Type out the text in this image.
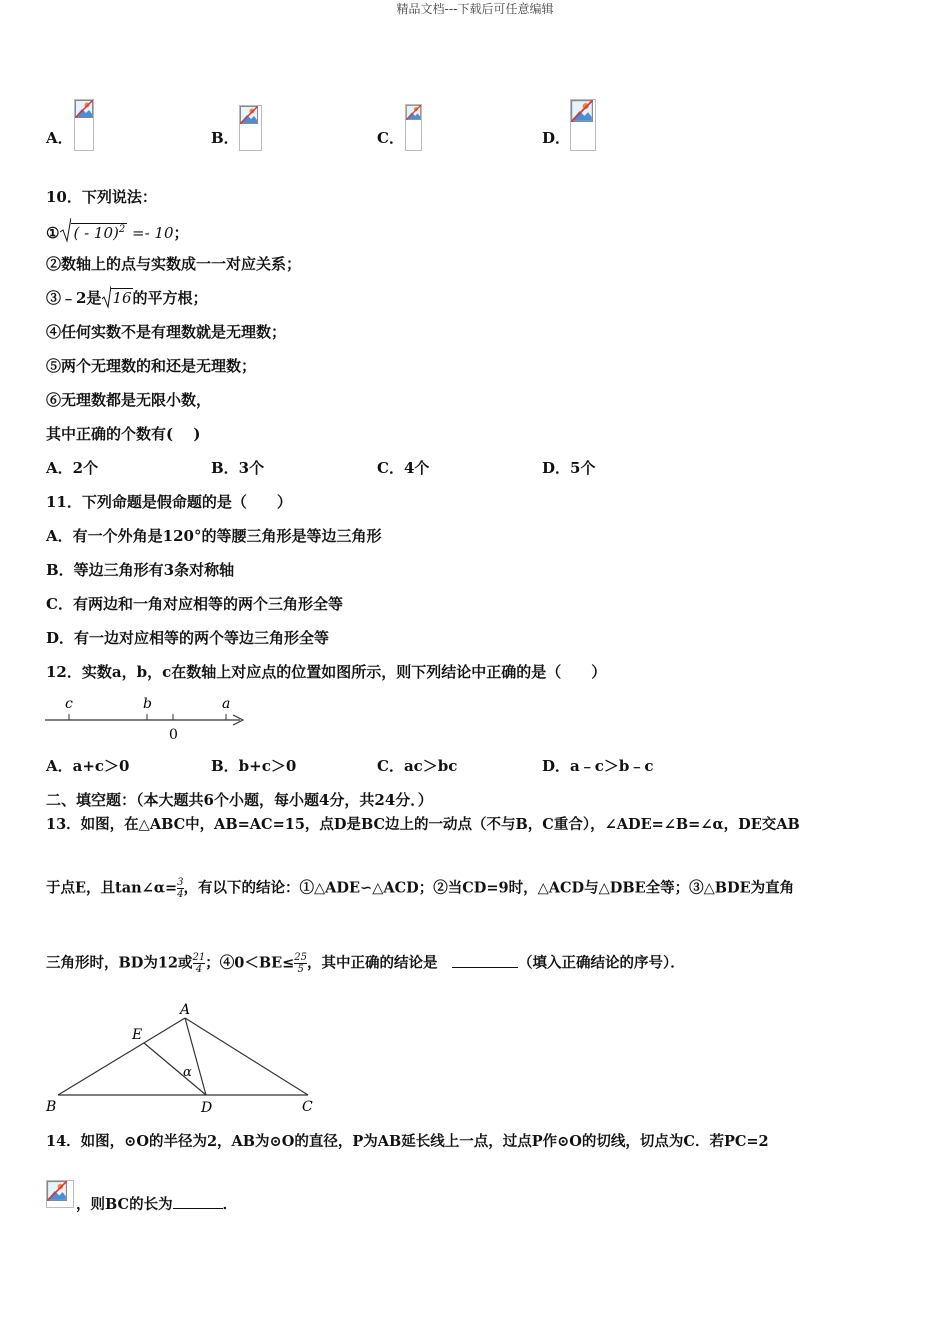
精品文档---下载后可任意编辑
A．	B．	C．	D．
10．下列说法：
① ( - 10)$^2$ =- 10；
②数轴上的点与实数成一一对应关系；
③﹣2是 16的平方根；
④任何实数不是有理数就是无理数；
⑤两个无理数的和还是无理数；
⑥无理数都是无限小数，
其中正确的个数有(　 )
A．2个	B．3个	C．4个	D．5个
11．下列命题是假命题的是（　　）
A．有一个外角是120°的等腰三角形是等边三角形
B．等边三角形有3条对称轴
C．有两边和一角对应相等的两个三角形全等
D．有一边对应相等的两个等边三角形全等
12．实数a，b，c在数轴上对应点的位置如图所示，则下列结论中正确的是（　　）
c	b
0
a
A．a+c＞0	B．b+c＞0	C．ac＞bc	D．a﹣c＞b﹣c
二、填空题：（本大题共6个小题，每小题4分，共24分．）
13．如图，在△ABC中，AB=AC=15，点D是BC边上的一动点（不与B，C重合），∠ADE=∠B=∠α，DE交AB
于点E，且tan∠α= $\frac{3}{4}$ ，有以下的结论：①△ADE∽△ACD；②当CD=9时，△ACD与△DBE全等；③△BDE为直角
三角形时，BD为12或 $\frac{21}{4}$ ；④0＜BE≤ $\frac{25}{5}$ ，其中正确的结论是　	（填入正确结论的序号）．
A
B	C
D
E
α
14．如图，⊙O的半径为2，AB为⊙O的直径，P为AB延长线上一点，过点P作⊙O的切线，切点为C．若PC=2
，则BC的长为	．
